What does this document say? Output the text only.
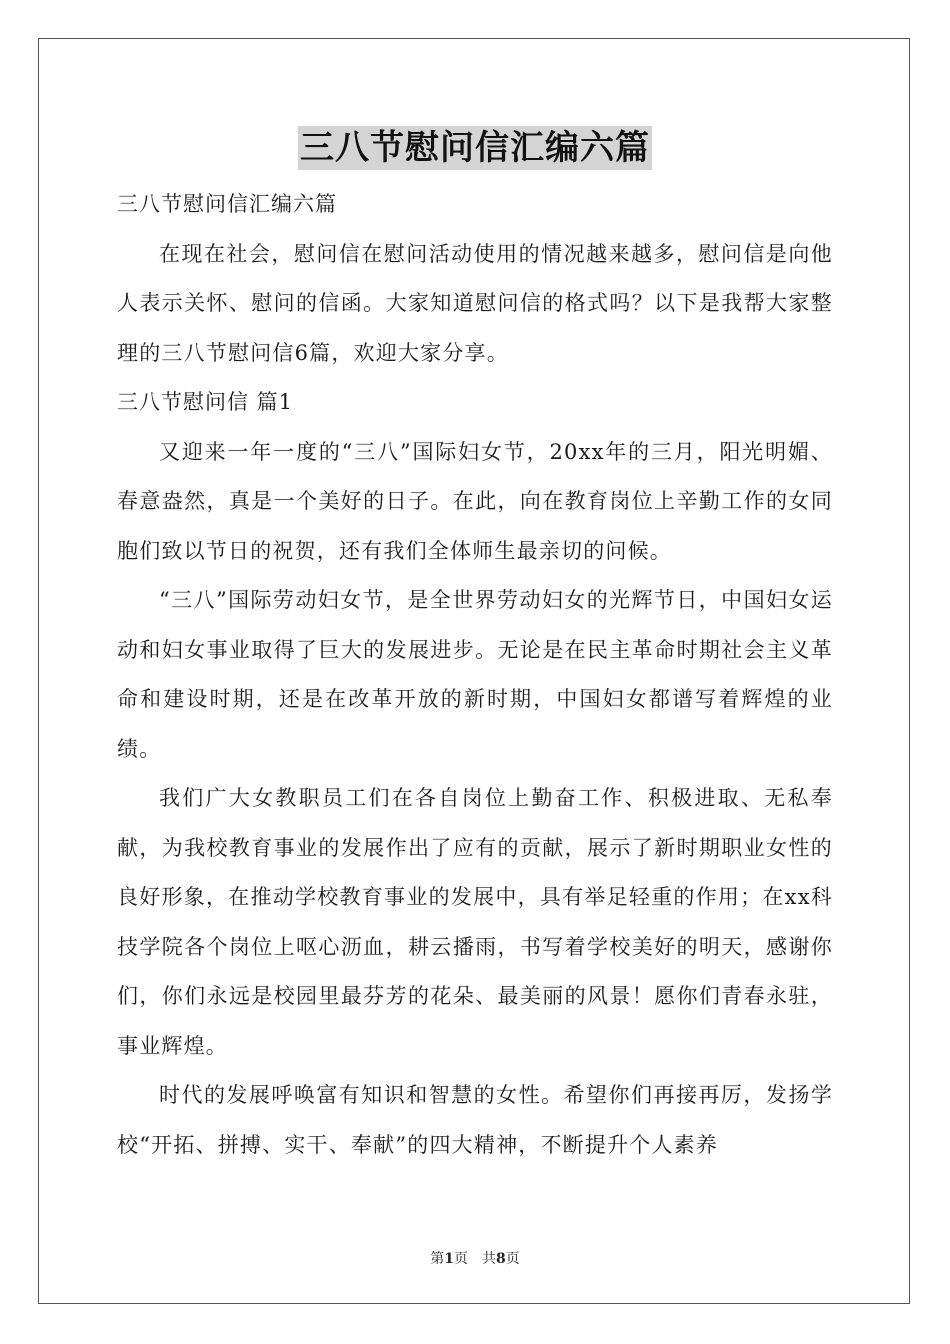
三八节慰问信汇编六篇

三八节慰问信汇编六篇

在现在社会，慰问信在慰问活动使用的情况越来越多，慰问信是向他人表示关怀、慰问的信函。大家知道慰问信的格式吗？以下是我帮大家整理的三八节慰问信6篇，欢迎大家分享。

三八节慰问信 篇1

又迎来一年一度的“三八”国际妇女节，20xx年的三月，阳光明媚、春意盎然，真是一个美好的日子。在此，向在教育岗位上辛勤工作的女同胞们致以节日的祝贺，还有我们全体师生最亲切的问候。

“三八”国际劳动妇女节，是全世界劳动妇女的光辉节日，中国妇女运动和妇女事业取得了巨大的发展进步。无论是在民主革命时期社会主义革命和建设时期，还是在改革开放的新时期，中国妇女都谱写着辉煌的业绩。

我们广大女教职员工们在各自岗位上勤奋工作、积极进取、无私奉献，为我校教育事业的发展作出了应有的贡献，展示了新时期职业女性的良好形象，在推动学校教育事业的发展中，具有举足轻重的作用；在xx科技学院各个岗位上呕心沥血，耕云播雨，书写着学校美好的明天，感谢你们，你们永远是校园里最芬芳的花朵、最美丽的风景！愿你们青春永驻，事业辉煌。

时代的发展呼唤富有知识和智慧的女性。希望你们再接再厉，发扬学校“开拓、拼搏、实干、奉献”的四大精神，不断提升个人素养

第1页　共8页
